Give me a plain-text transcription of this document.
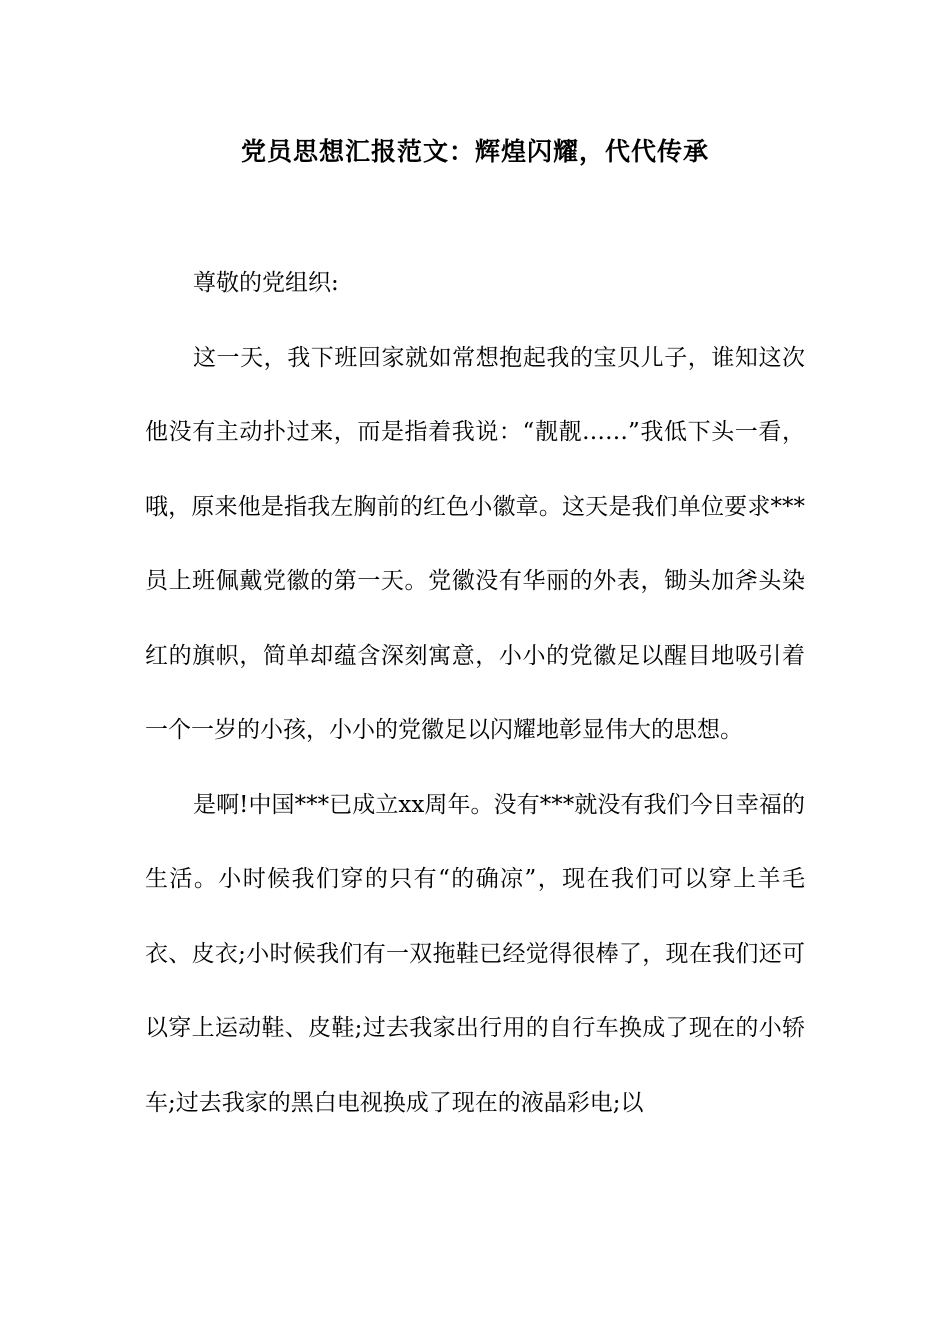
党员思想汇报范文：辉煌闪耀，代代传承

尊敬的党组织:

这一天，我下班回家就如常想抱起我的宝贝儿子，谁知这次他没有主动扑过来，而是指着我说：“靓靓……”我低下头一看，哦，原来他是指我左胸前的红色小徽章。这天是我们单位要求***员上班佩戴党徽的第一天。党徽没有华丽的外表，锄头加斧头染红的旗帜，简单却蕴含深刻寓意，小小的党徽足以醒目地吸引着一个一岁的小孩，小小的党徽足以闪耀地彰显伟大的思想。

是啊!中国***已成立xx周年。没有***就没有我们今日幸福的生活。小时候我们穿的只有“的确凉”，现在我们可以穿上羊毛衣、皮衣;小时候我们有一双拖鞋已经觉得很棒了，现在我们还可以穿上运动鞋、皮鞋;过去我家出行用的自行车换成了现在的小轿车;过去我家的黑白电视换成了现在的液晶彩电;以
